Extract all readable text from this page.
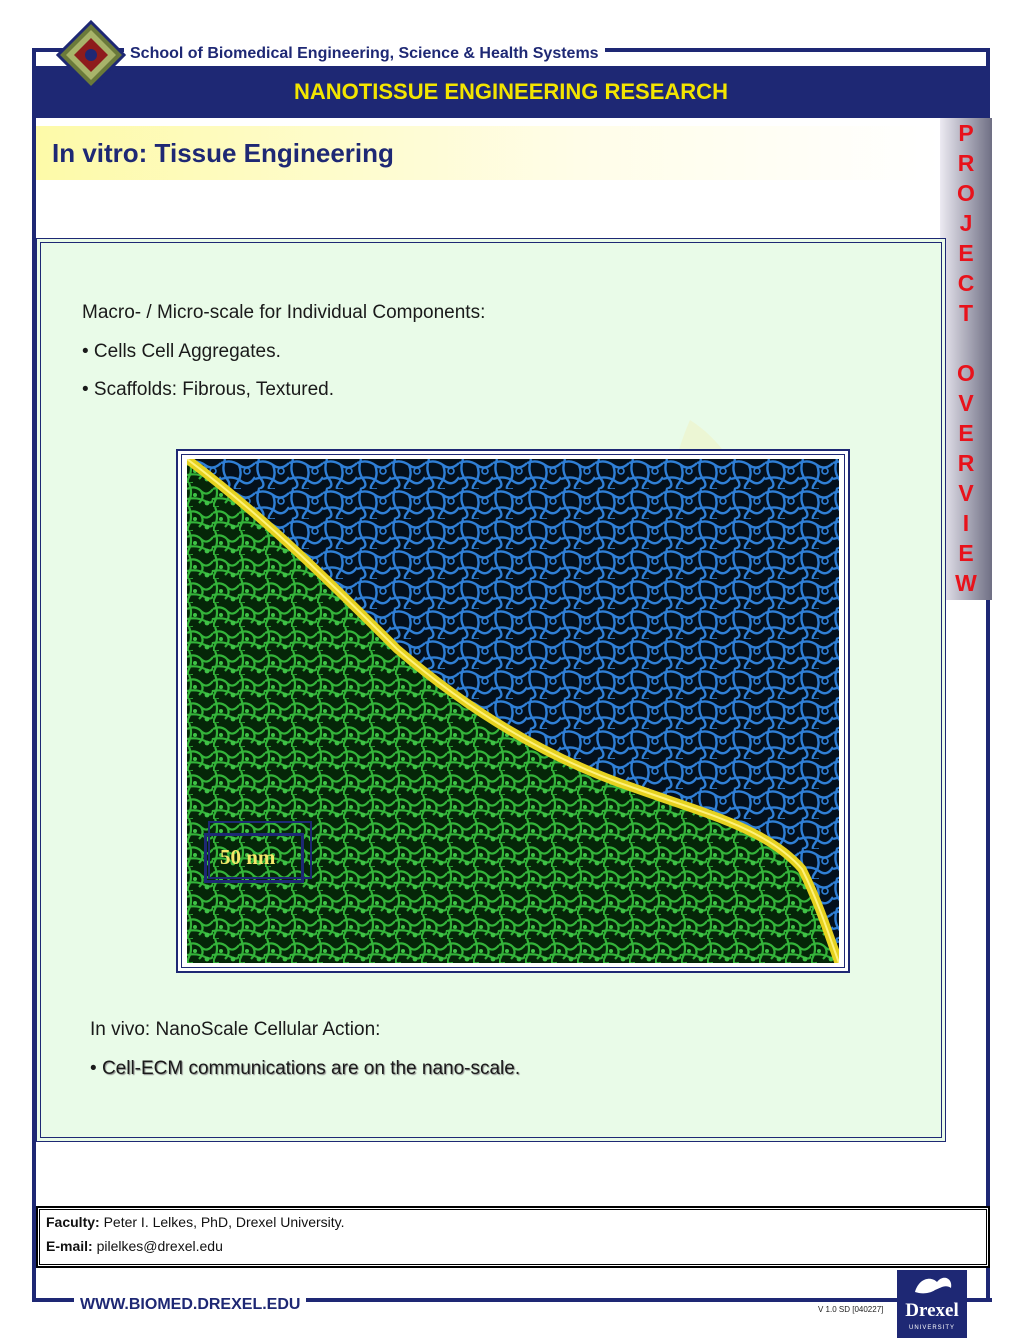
School of Biomedical Engineering, Science & Health Systems
NANOTISSUE ENGINEERING RESEARCH
P
R
O
J
E
C
T

O
V
E
R
V
I
E
W
In vitro: Tissue Engineering
Macro- / Micro-scale for Individual Components:
• Cells Cell Aggregates.
• Scaffolds: Fibrous, Textured.
50 nm
In vivo: NanoScale Cellular Action:
• Cell-ECM communications are on the nano-scale.
Faculty: Peter I. Lelkes, PhD, Drexel University.
E-mail: pilelkes@drexel.edu
WWW.BIOMED.DREXEL.EDU	V 1.0 SD [040227]	Drexel
UNIVERSITY
